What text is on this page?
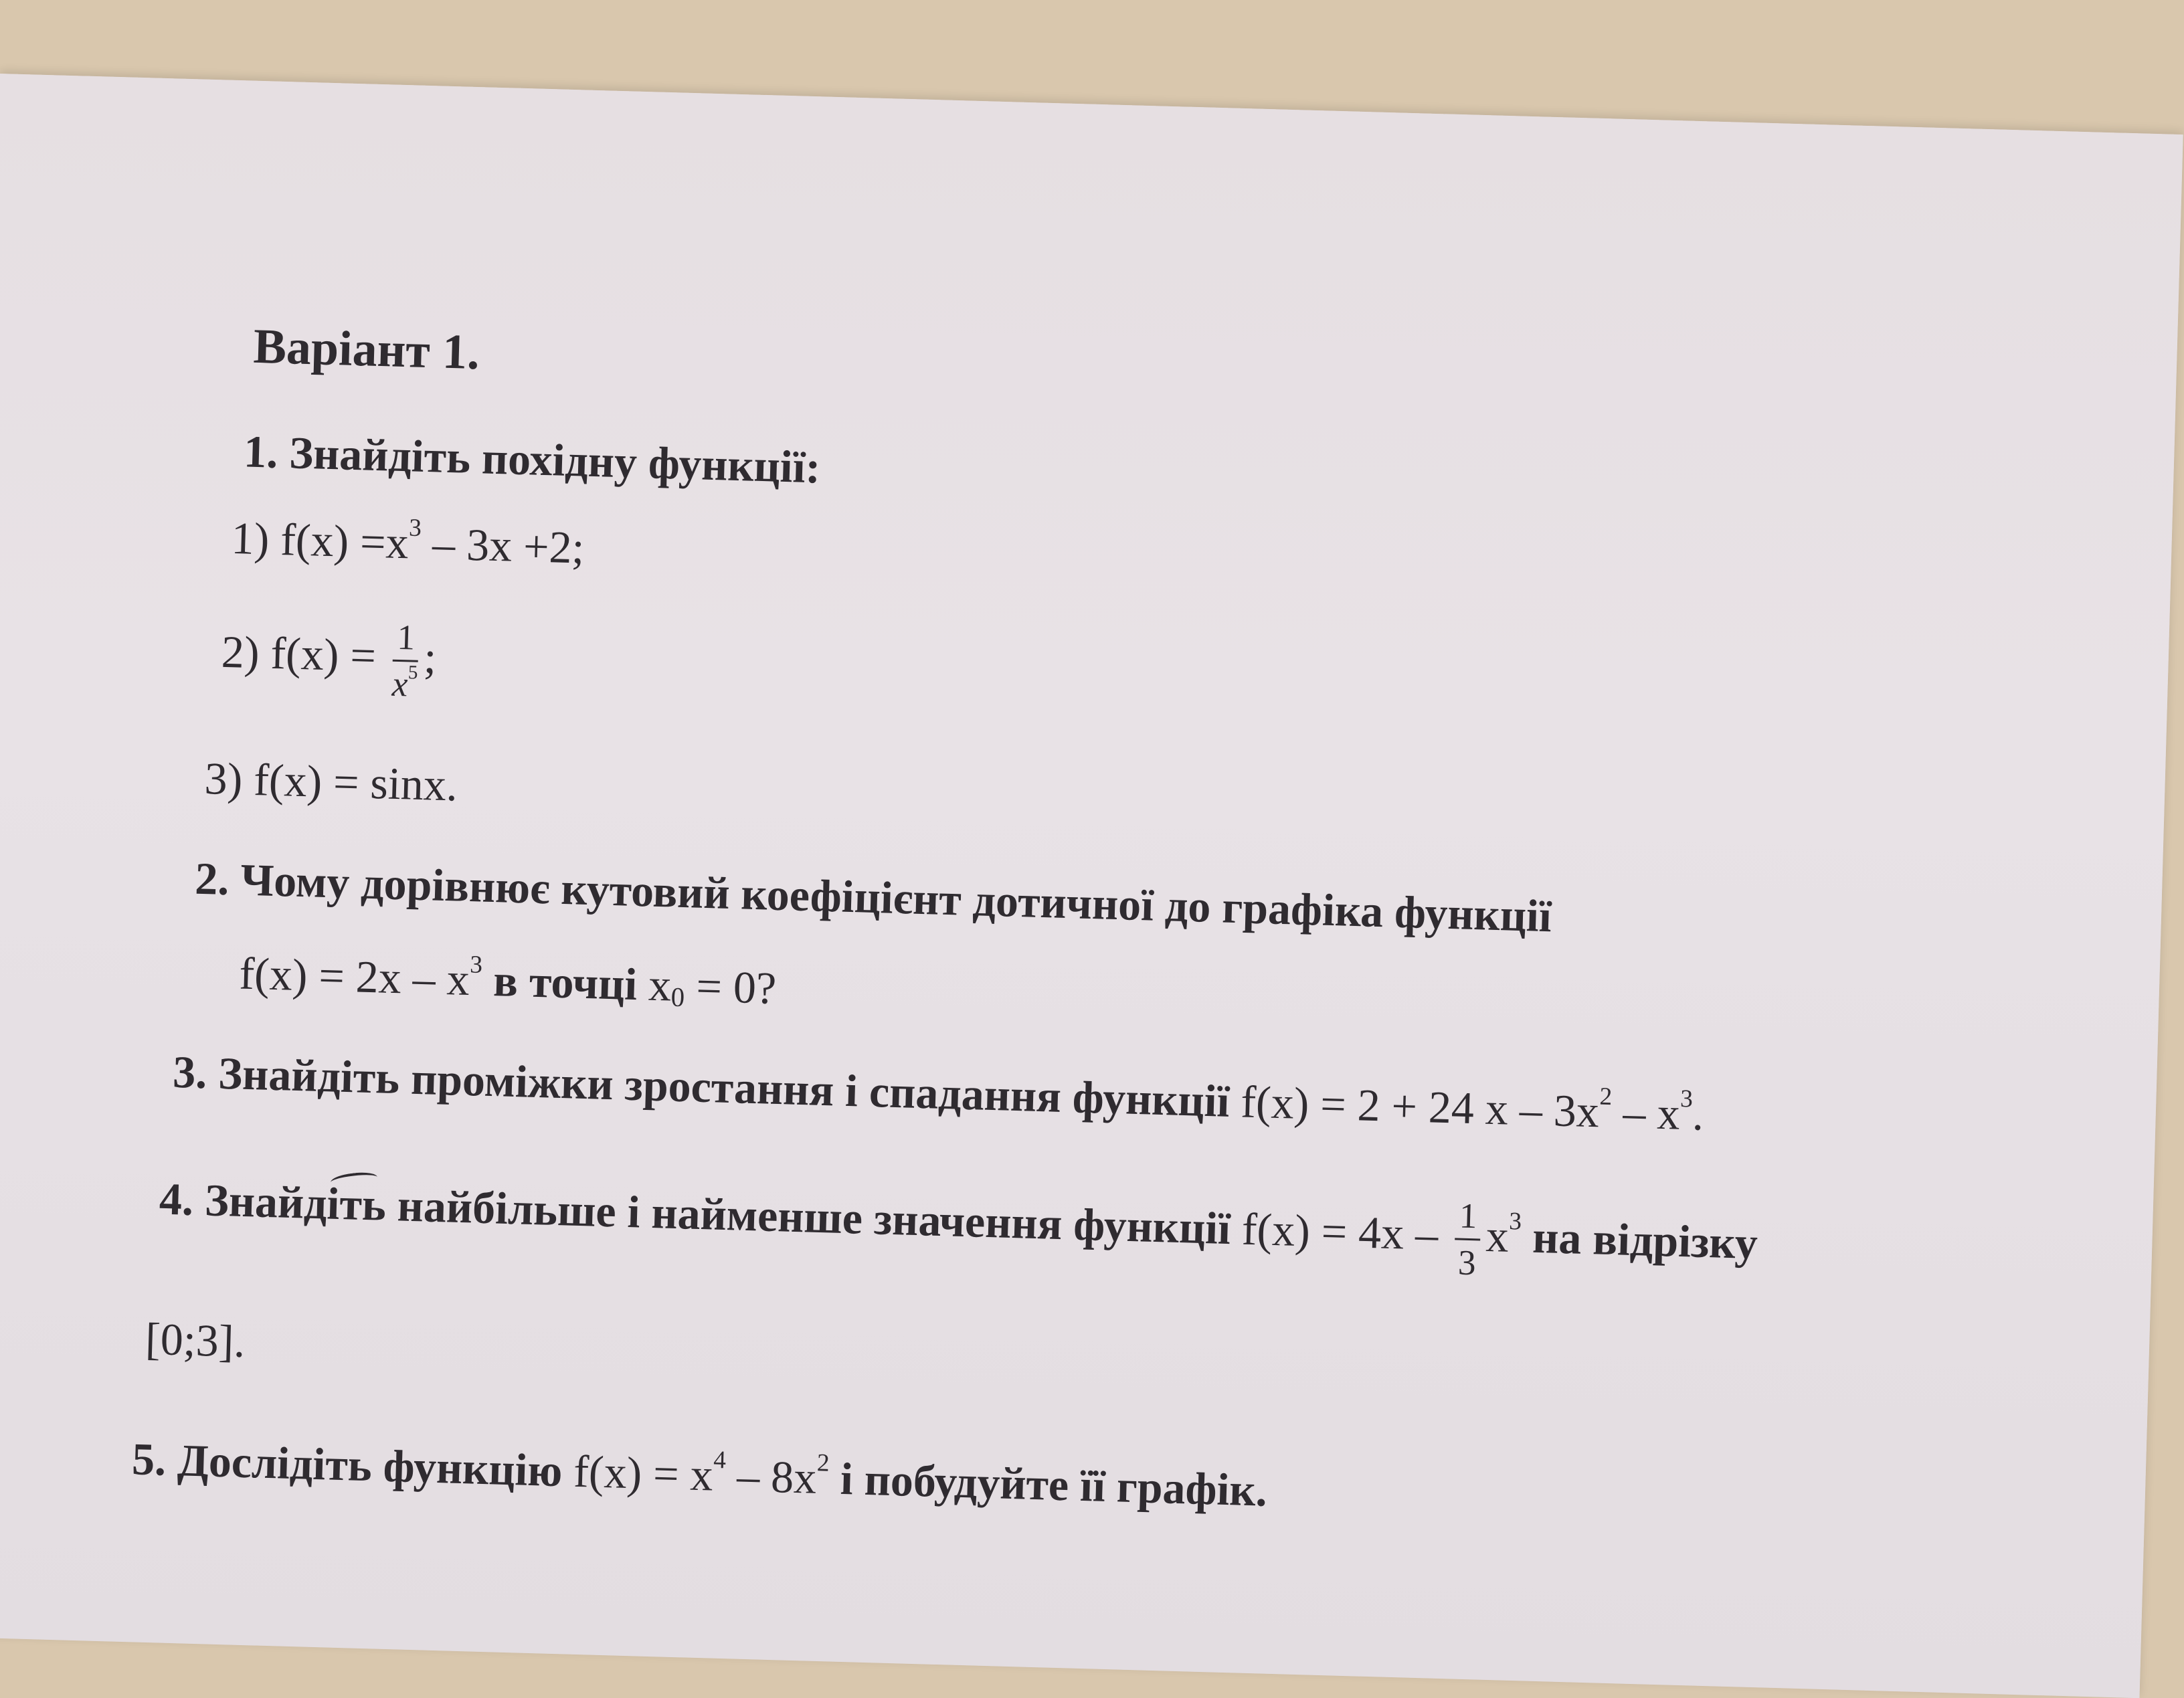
Варіант 1.
1. Знайдіть похідну функції:
1) $f(x) =x^3 - 3x +2$;
2) $f(x) = \frac{1}{x^5}$ ;
3) f(x) = sinx.
2. Чому дорівнює кутовий коефіцієнт дотичної до графіка функції
$f(x) = 2x - x^3$ в точці $x_0 = 0$?
3. Знайдіть проміжки зростання і спадання функції f(x) = 2 + 24 x – $3x^2 - x^3$.
4. Знайдіть найбільше і найменше значення функції $f(x) = 4x - \frac{1}{3} x^3$ на відрізку
[0;3].
5. Дослідіть функцію $f(x) = x^4 - 8x^2$ і побудуйте її графік.
